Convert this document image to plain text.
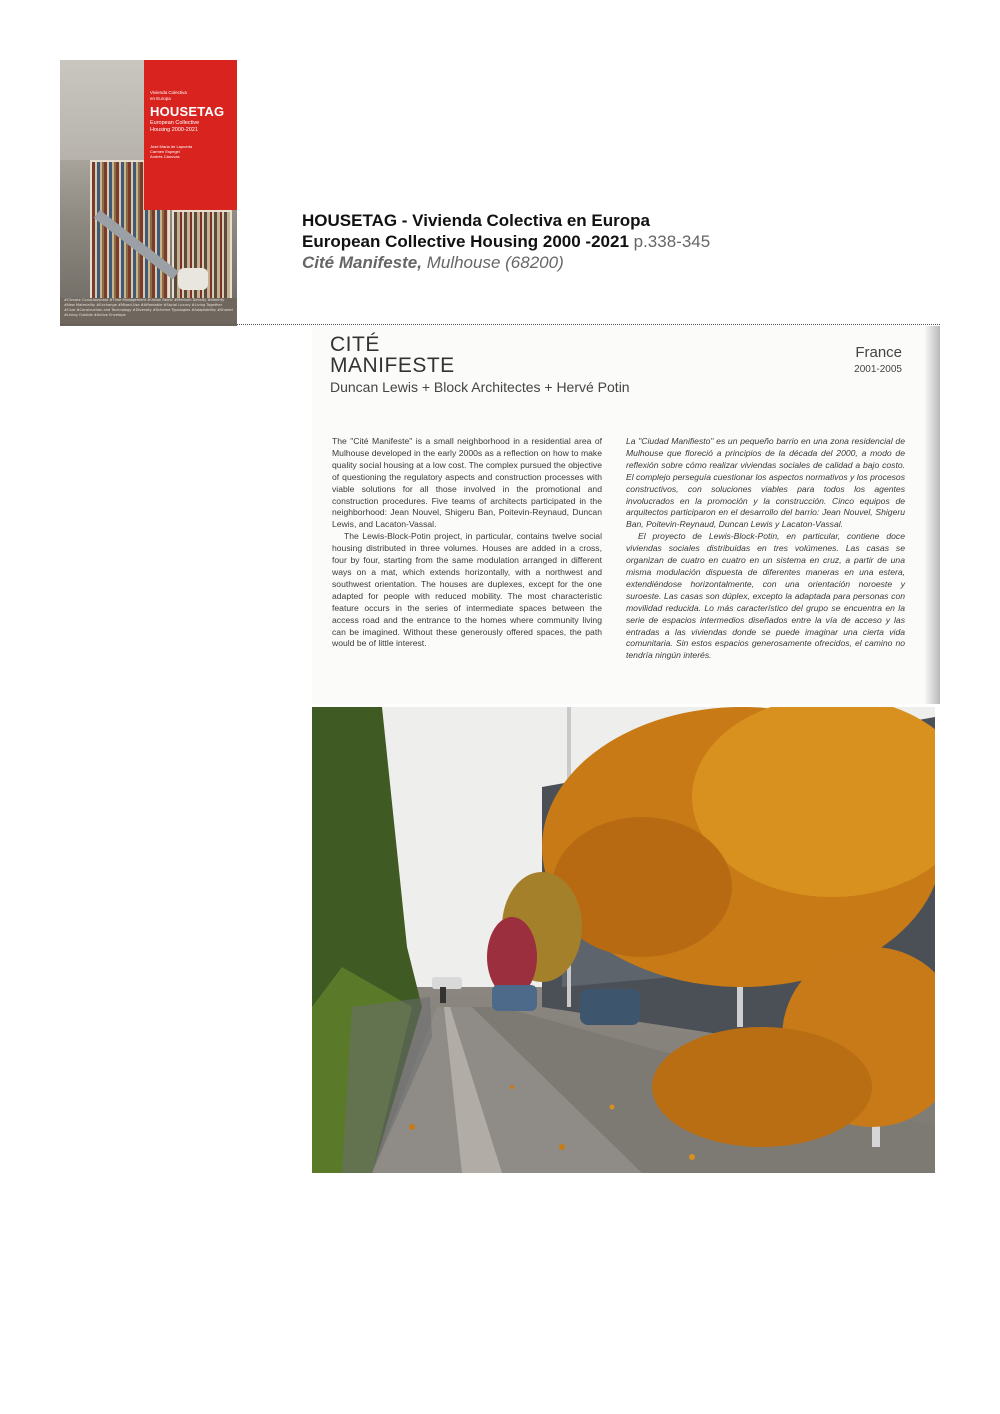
Vivienda Colectiva
en Europa
HOUSETAG
European Collective
Housing 2000-2021
José María de Lapuerta
Carmen Espegel
Andrés Cánovas
#Climate Consciousness #Time Management #Urban Fabric #Medium Density #Identity #New Materiality #Exchange #Mixed-Use #Affordable #Social Luxury #Living Together #Care #Construction and Technology #Diversity #Scheme Typologies #Adaptability #Shared #Living Outside #Active Envelope
HOUSETAG - Vivienda Colectiva en Europa
European Collective Housing 2000 -2021 p.338-345
Cité Manifeste, Mulhouse (68200)
CITÉ
MANIFESTE
Duncan Lewis + Block Architectes + Hervé Potin
France
2001-2005

The "Cité Manifeste" is a small neighborhood in a residential area of Mulhouse developed in the early 2000s as a reflection on how to make quality social housing at a low cost. The complex pursued the objective of questioning the regulatory aspects and construction processes with viable solutions for all those involved in the promotional and construction procedures. Five teams of architects participated in the neighborhood: Jean Nouvel, Shigeru Ban, Poitevin-Reynaud, Duncan Lewis, and Lacaton-Vassal.

The Lewis-Block-Potin project, in particular, contains twelve social housing distributed in three volumes. Houses are added in a cross, four by four, starting from the same modulation arranged in different ways on a mat, which extends horizontally, with a northwest and southwest orientation. The houses are duplexes, except for the one adapted for people with reduced mobility. The most characteristic feature occurs in the series of intermediate spaces between the access road and the entrance to the homes where community living can be imagined. Without these generously offered spaces, the path would be of little interest.

La "Ciudad Manifiesto" es un pequeño barrio en una zona residencial de Mulhouse que floreció a principios de la década del 2000, a modo de reflexión sobre cómo realizar viviendas sociales de calidad a bajo costo. El complejo perseguía cuestionar los aspectos normativos y los procesos constructivos, con soluciones viables para todos los agentes involucrados en la promoción y la construcción. Cinco equipos de arquitectos participaron en el desarrollo del barrio: Jean Nouvel, Shigeru Ban, Poitevin-Reynaud, Duncan Lewis y Lacaton-Vassal.

El proyecto de Lewis-Block-Potin, en particular, contiene doce viviendas sociales distribuidas en tres volúmenes. Las casas se organizan de cuatro en cuatro en un sistema en cruz, a partir de una misma modulación dispuesta de diferentes maneras en una estera, extendiéndose horizontalmente, con una orientación noroeste y suroeste. Las casas son dúplex, excepto la adaptada para personas con movilidad reducida. Lo más característico del grupo se encuentra en la serie de espacios intermedios diseñados entre la vía de acceso y las entradas a las viviendas donde se puede imaginar una cierta vida comunitaria. Sin estos espacios generosamente ofrecidos, el camino no tendría ningún interés.
